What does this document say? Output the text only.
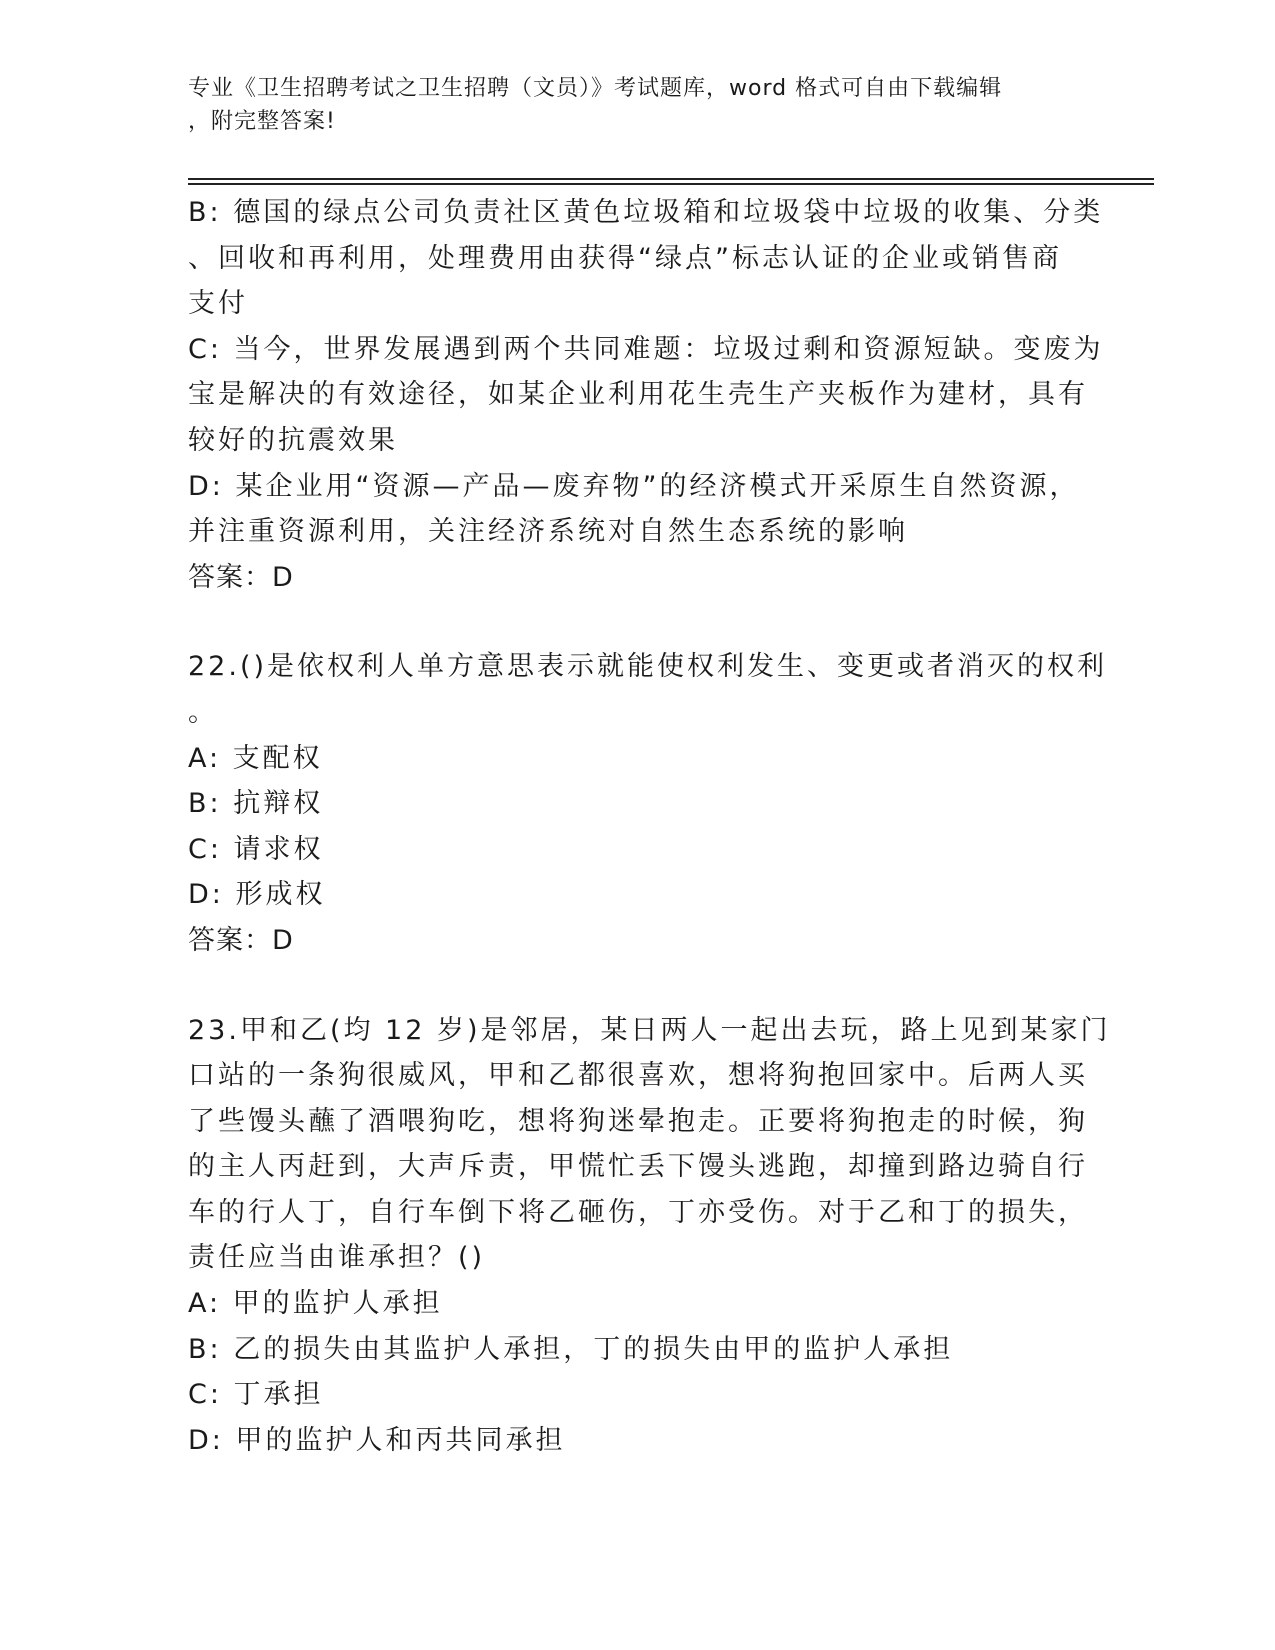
专业《卫生招聘考试之卫生招聘（文员）》考试题库，word 格式可自由下载编辑
，附完整答案!
B: 德国的绿点公司负责社区黄色垃圾箱和垃圾袋中垃圾的收集、分类
、回收和再利用，处理费用由获得“绿点”标志认证的企业或销售商
支付
C: 当今，世界发展遇到两个共同难题：垃圾过剩和资源短缺。变废为
宝是解决的有效途径，如某企业利用花生壳生产夹板作为建材，具有
较好的抗震效果
D: 某企业用“资源—产品—废弃物”的经济模式开采原生自然资源，
并注重资源利用，关注经济系统对自然生态系统的影响
答案：D
22.()是依权利人单方意思表示就能使权利发生、变更或者消灭的权利
。
A: 支配权
B: 抗辩权
C: 请求权
D: 形成权
答案：D
23.甲和乙(均 12 岁)是邻居，某日两人一起出去玩，路上见到某家门
口站的一条狗很威风，甲和乙都很喜欢，想将狗抱回家中。后两人买
了些馒头蘸了酒喂狗吃，想将狗迷晕抱走。正要将狗抱走的时候，狗
的主人丙赶到，大声斥责，甲慌忙丢下馒头逃跑，却撞到路边骑自行
车的行人丁，自行车倒下将乙砸伤，丁亦受伤。对于乙和丁的损失，
责任应当由谁承担？()
A: 甲的监护人承担
B: 乙的损失由其监护人承担，丁的损失由甲的监护人承担
C: 丁承担
D: 甲的监护人和丙共同承担
